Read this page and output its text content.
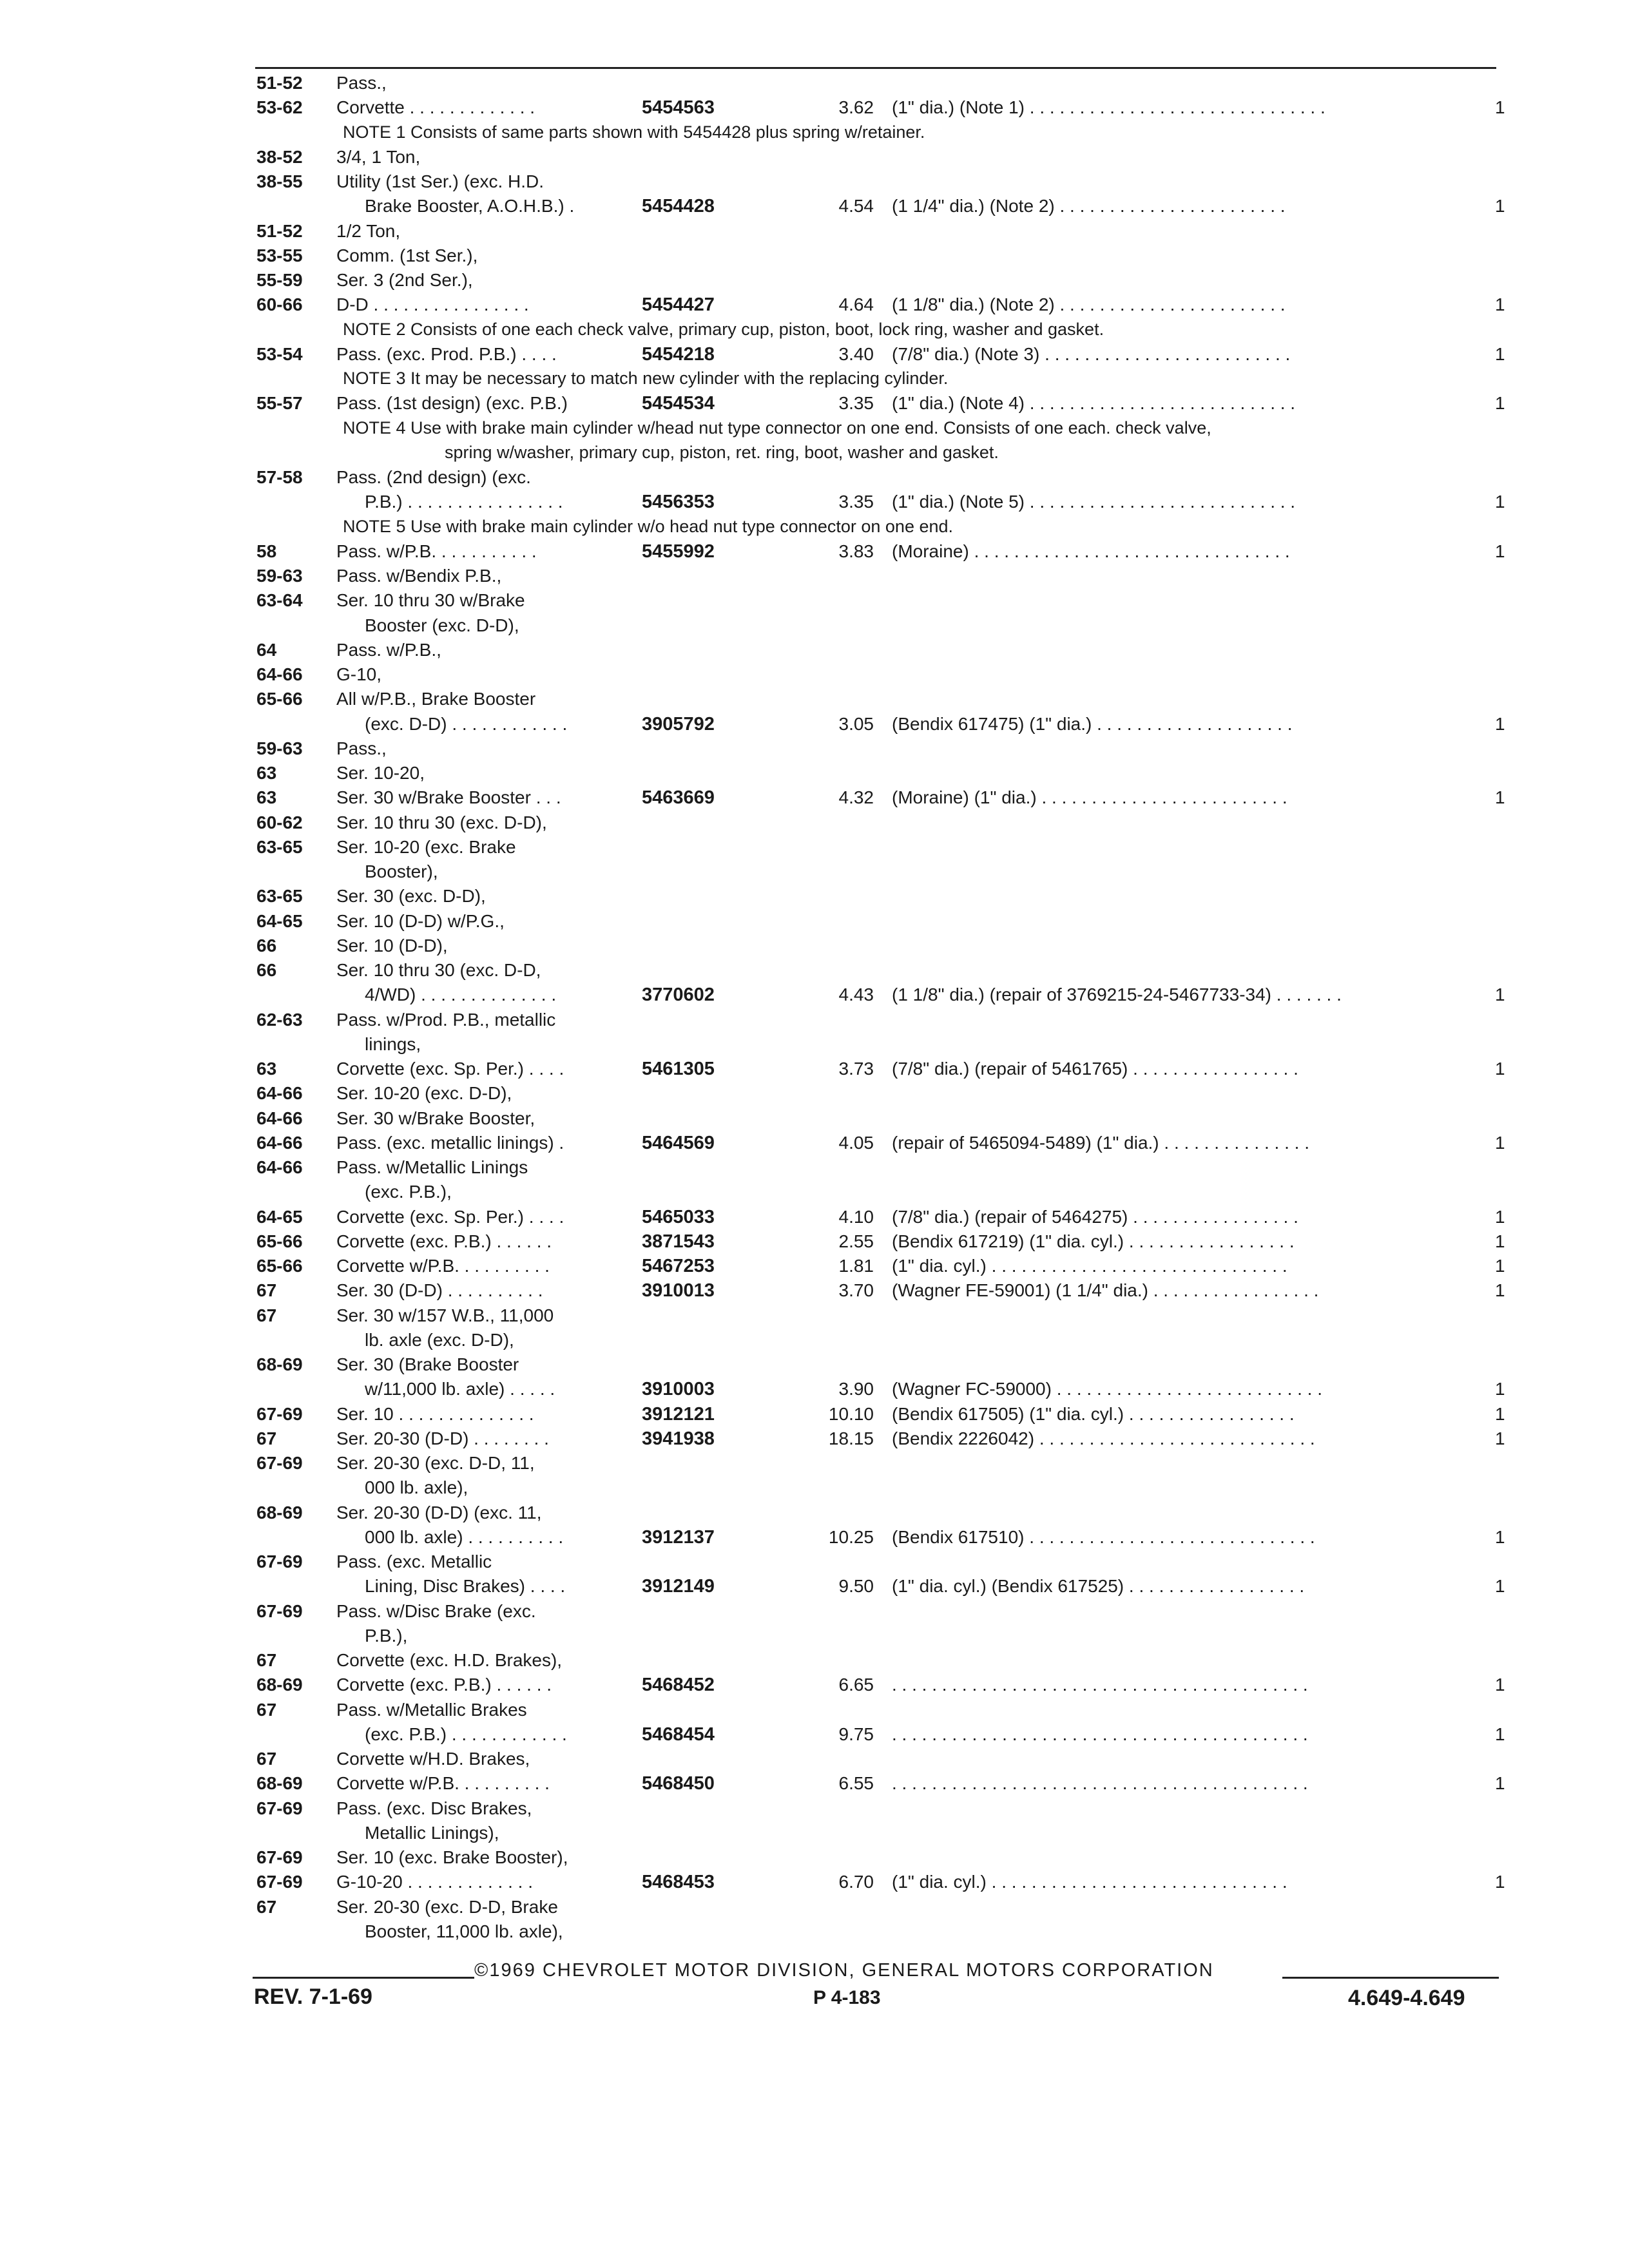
51-52 Pass.,
53-62 Corvette . . . . . . . . . . . . .	5454563	3.62 (1" dia.) (Note 1) . . . . . . . . . . . . . . . . . . . . . . . . . . . . . .	1
NOTE 1 Consists of same parts shown with 5454428 plus spring w/retainer.
38-52 3/4, 1 Ton,
38-55 Utility (1st Ser.) (exc. H.D.
Brake Booster, A.O.H.B.) .	5454428	4.54 (1 1/4" dia.) (Note 2) . . . . . . . . . . . . . . . . . . . . . . .	1
51-52 1/2 Ton,
53-55 Comm. (1st Ser.),
55-59 Ser. 3 (2nd Ser.),
60-66 D-D . . . . . . . . . . . . . . . .	5454427	4.64 (1 1/8" dia.) (Note 2) . . . . . . . . . . . . . . . . . . . . . . .	1
NOTE 2 Consists of one each check valve, primary cup, piston, boot, lock ring, washer and gasket.
53-54 Pass. (exc. Prod. P.B.) . . . .	5454218	3.40 (7/8" dia.) (Note 3) . . . . . . . . . . . . . . . . . . . . . . . . .	1
NOTE 3 It may be necessary to match new cylinder with the replacing cylinder.
55-57 Pass. (1st design) (exc. P.B.)	5454534	3.35 (1" dia.) (Note 4) . . . . . . . . . . . . . . . . . . . . . . . . . . .	1
NOTE 4 Use with brake main cylinder w/head nut type connector on one end. Consists of one each. check valve,
spring w/washer, primary cup, piston, ret. ring, boot, washer and gasket.
57-58 Pass. (2nd design) (exc.
P.B.) . . . . . . . . . . . . . . . .	5456353	3.35 (1" dia.) (Note 5) . . . . . . . . . . . . . . . . . . . . . . . . . . .	1
NOTE 5 Use with brake main cylinder w/o head nut type connector on one end.
58	Pass. w/P.B. . . . . . . . . . .	5455992	3.83 (Moraine) . . . . . . . . . . . . . . . . . . . . . . . . . . . . . . . .	1
59-63 Pass. w/Bendix P.B.,
63-64 Ser. 10 thru 30 w/Brake
Booster (exc. D-D),
64	Pass. w/P.B.,
64-66 G-10,
65-66 All w/P.B., Brake Booster
(exc. D-D) . . . . . . . . . . . .	3905792	3.05 (Bendix 617475) (1" dia.) . . . . . . . . . . . . . . . . . . . .	1
59-63 Pass.,
63	Ser. 10-20,
63	Ser. 30 w/Brake Booster . . .	5463669	4.32 (Moraine) (1" dia.) . . . . . . . . . . . . . . . . . . . . . . . . .	1
60-62 Ser. 10 thru 30 (exc. D-D),
63-65 Ser. 10-20 (exc. Brake
Booster),
63-65 Ser. 30 (exc. D-D),
64-65 Ser. 10 (D-D) w/P.G.,
66	Ser. 10 (D-D),
66	Ser. 10 thru 30 (exc. D-D,
4/WD) . . . . . . . . . . . . . .	3770602	4.43 (1 1/8" dia.) (repair of 3769215-24-5467733-34) . . . . . . .	1
62-63 Pass. w/Prod. P.B., metallic
linings,
63	Corvette (exc. Sp. Per.) . . . .	5461305	3.73 (7/8" dia.) (repair of 5461765) . . . . . . . . . . . . . . . . .	1
64-66 Ser. 10-20 (exc. D-D),
64-66 Ser. 30 w/Brake Booster,
64-66 Pass. (exc. metallic linings) .	5464569	4.05 (repair of 5465094-5489) (1" dia.) . . . . . . . . . . . . . . .	1
64-66 Pass. w/Metallic Linings
(exc. P.B.),
64-65 Corvette (exc. Sp. Per.) . . . .	5465033	4.10 (7/8" dia.) (repair of 5464275) . . . . . . . . . . . . . . . . .	1
65-66 Corvette (exc. P.B.) . . . . . .	3871543	2.55 (Bendix 617219) (1" dia. cyl.) . . . . . . . . . . . . . . . . .	1
65-66 Corvette w/P.B. . . . . . . . . .	5467253	1.81 (1" dia. cyl.) . . . . . . . . . . . . . . . . . . . . . . . . . . . . . .	1
67	Ser. 30 (D-D) . . . . . . . . . .	3910013	3.70 (Wagner FE-59001) (1 1/4" dia.) . . . . . . . . . . . . . . . . .	1
67	Ser. 30 w/157 W.B., 11,000
lb. axle (exc. D-D),
68-69 Ser. 30 (Brake Booster
w/11,000 lb. axle) . . . . .	3910003	3.90 (Wagner FC-59000) . . . . . . . . . . . . . . . . . . . . . . . . . . .	1
67-69 Ser. 10 . . . . . . . . . . . . . .	3912121	10.10 (Bendix 617505) (1" dia. cyl.) . . . . . . . . . . . . . . . . .	1
67	Ser. 20-30 (D-D) . . . . . . . .	3941938	18.15 (Bendix 2226042) . . . . . . . . . . . . . . . . . . . . . . . . . . . .	1
67-69 Ser. 20-30 (exc. D-D, 11,
000 lb. axle),
68-69 Ser. 20-30 (D-D) (exc. 11,
000 lb. axle) . . . . . . . . . .	3912137	10.25 (Bendix 617510) . . . . . . . . . . . . . . . . . . . . . . . . . . . . .	1
67-69 Pass. (exc. Metallic
Lining, Disc Brakes) . . . .	3912149	9.50 (1" dia. cyl.) (Bendix 617525) . . . . . . . . . . . . . . . . . .	1
67-69 Pass. w/Disc Brake (exc.
P.B.),
67	Corvette (exc. H.D. Brakes),
68-69 Corvette (exc. P.B.) . . . . . .	5468452	6.65 . . . . . . . . . . . . . . . . . . . . . . . . . . . . . . . . . . . . . . . . . .	1
67	Pass. w/Metallic Brakes
(exc. P.B.) . . . . . . . . . . . .	5468454	9.75 . . . . . . . . . . . . . . . . . . . . . . . . . . . . . . . . . . . . . . . . . .	1
67	Corvette w/H.D. Brakes,
68-69 Corvette w/P.B. . . . . . . . . .	5468450	6.55 . . . . . . . . . . . . . . . . . . . . . . . . . . . . . . . . . . . . . . . . . .	1
67-69 Pass. (exc. Disc Brakes,
Metallic Linings),
67-69 Ser. 10 (exc. Brake Booster),
67-69 G-10-20 . . . . . . . . . . . . .	5468453	6.70 (1" dia. cyl.) . . . . . . . . . . . . . . . . . . . . . . . . . . . . . .	1
67	Ser. 20-30 (exc. D-D, Brake
Booster, 11,000 lb. axle),
©1969 CHEVROLET MOTOR DIVISION, GENERAL MOTORS CORPORATION
REV. 7-1-69	P 4-183	4.649-4.649
